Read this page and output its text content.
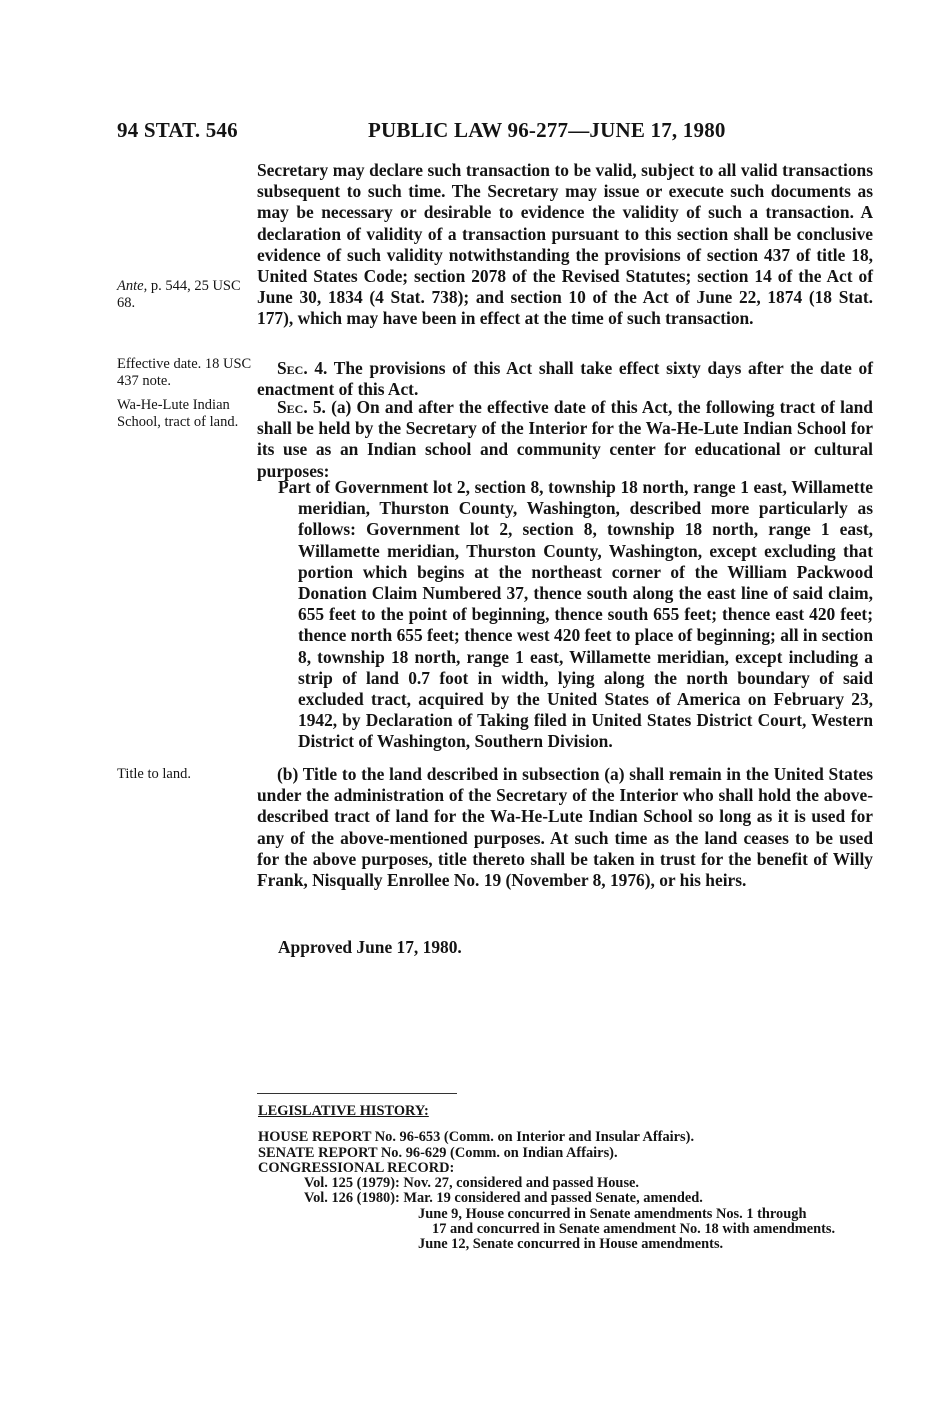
94 STAT. 546	PUBLIC LAW 96-277—JUNE 17, 1980
Ante, p. 544, 25 USC 68.
Effective date. 18 USC 437 note.
Wa-He-Lute Indian School, tract of land.
Title to land.
Secretary may declare such transaction to be valid, subject to all valid transactions subsequent to such time. The Secretary may issue or execute such documents as may be necessary or desirable to evidence the validity of such a transaction. A declaration of validity of a transaction pursuant to this section shall be conclusive evidence of such validity notwithstanding the provisions of section 437 of title 18, United States Code; section 2078 of the Revised Statutes; section 14 of the Act of June 30, 1834 (4 Stat. 738); and section 10 of the Act of June 22, 1874 (18 Stat. 177), which may have been in effect at the time of such transaction.
Sec. 4. The provisions of this Act shall take effect sixty days after the date of enactment of this Act.
Sec. 5. (a) On and after the effective date of this Act, the following tract of land shall be held by the Secretary of the Interior for the Wa-He-Lute Indian School for its use as an Indian school and community center for educational or cultural purposes:
Part of Government lot 2, section 8, township 18 north, range 1 east, Willamette meridian, Thurston County, Washington, described more particularly as follows: Government lot 2, section 8, township 18 north, range 1 east, Willamette meridian, Thurston County, Washington, except excluding that portion which begins at the northeast corner of the William Packwood Donation Claim Numbered 37, thence south along the east line of said claim, 655 feet to the point of beginning, thence south 655 feet; thence east 420 feet; thence north 655 feet; thence west 420 feet to place of beginning; all in section 8, township 18 north, range 1 east, Willamette meridian, except including a strip of land 0.7 foot in width, lying along the north boundary of said excluded tract, acquired by the United States of America on February 23, 1942, by Declaration of Taking filed in United States District Court, Western District of Washington, Southern Division.
(b) Title to the land described in subsection (a) shall remain in the United States under the administration of the Secretary of the Interior who shall hold the above-described tract of land for the Wa-He-Lute Indian School so long as it is used for any of the above-mentioned purposes. At such time as the land ceases to be used for the above purposes, title thereto shall be taken in trust for the benefit of Willy Frank, Nisqually Enrollee No. 19 (November 8, 1976), or his heirs.
Approved June 17, 1980.
LEGISLATIVE HISTORY:
HOUSE REPORT No. 96-653 (Comm. on Interior and Insular Affairs).
SENATE REPORT No. 96-629 (Comm. on Indian Affairs).
CONGRESSIONAL RECORD:
Vol. 125 (1979): Nov. 27, considered and passed House.
Vol. 126 (1980): Mar. 19 considered and passed Senate, amended.
June 9, House concurred in Senate amendments Nos. 1 through
17 and concurred in Senate amendment No. 18 with amendments.
June 12, Senate concurred in House amendments.
